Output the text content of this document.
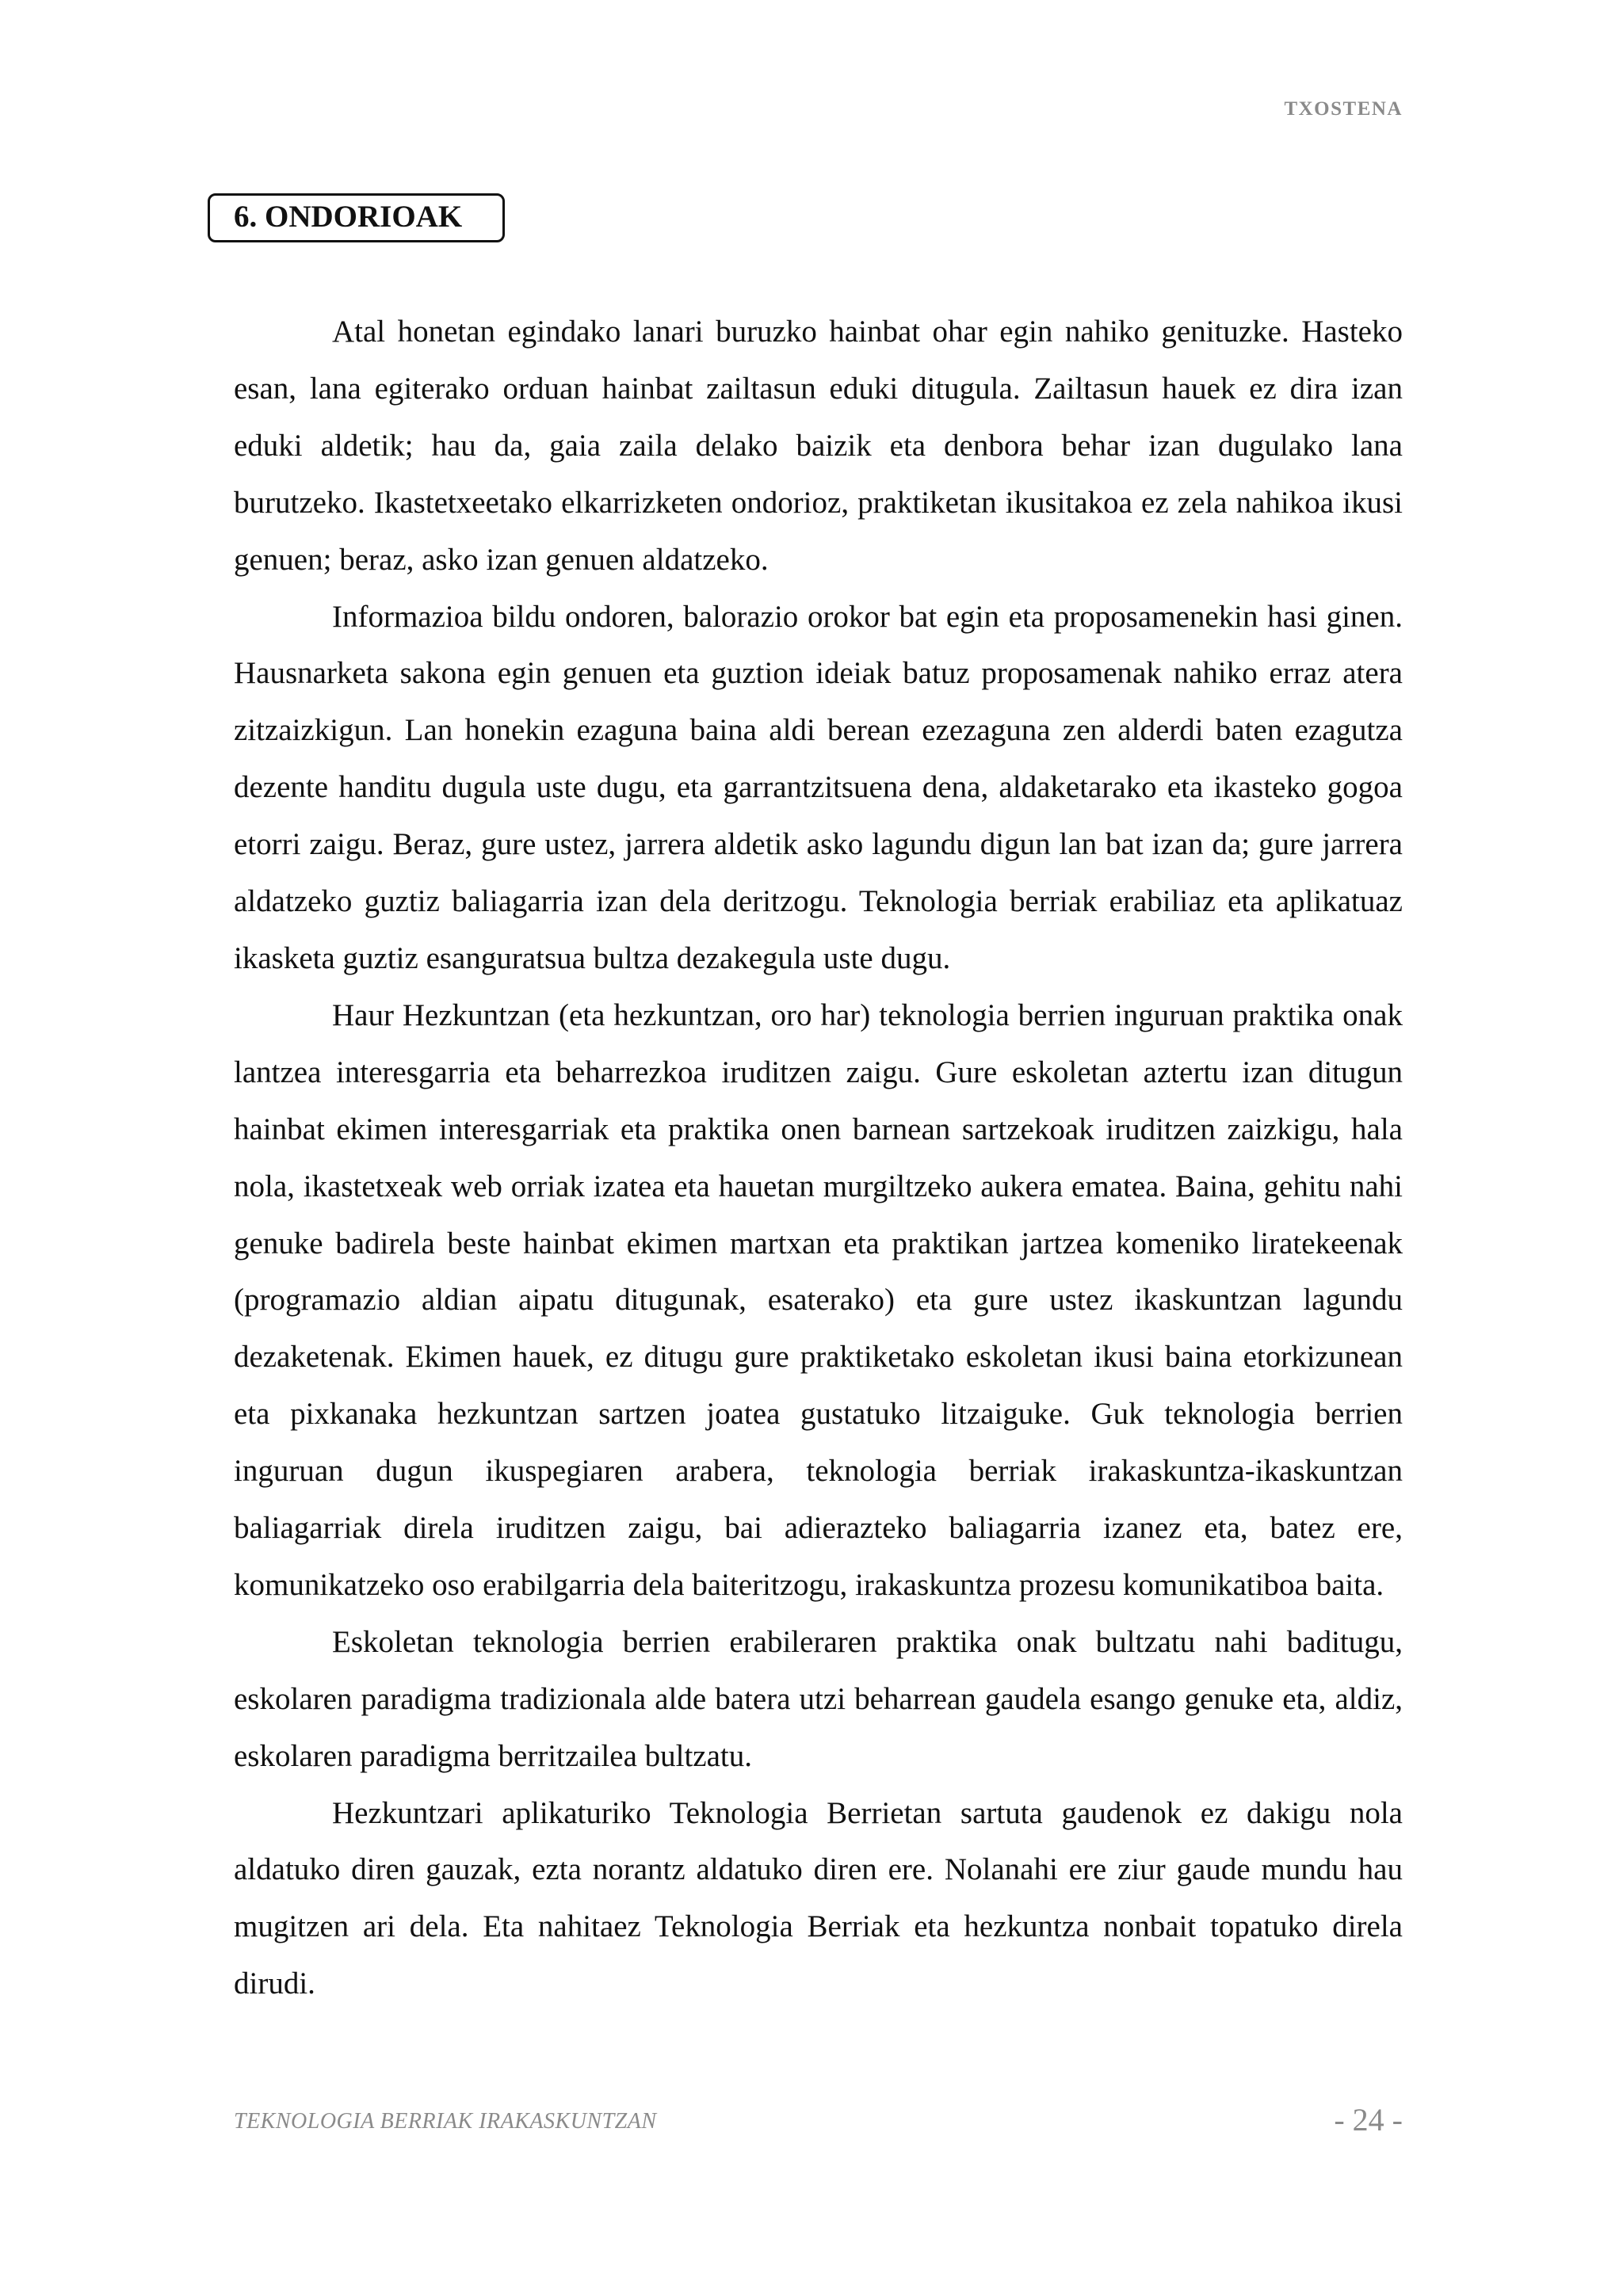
TXOSTENA
6. ONDORIOAK

Atal honetan egindako lanari buruzko hainbat ohar egin nahiko genituzke. Hasteko esan, lana egiterako orduan hainbat zailtasun eduki ditugula. Zailtasun hauek ez dira izan eduki aldetik; hau da, gaia zaila delako baizik eta denbora behar izan dugulako lana burutzeko. Ikastetxeetako elkarrizketen ondorioz, praktiketan ikusitakoa ez zela nahikoa ikusi genuen; beraz, asko izan genuen aldatzeko.

Informazioa bildu ondoren, balorazio orokor bat egin eta proposamenekin hasi ginen. Hausnarketa sakona egin genuen eta guztion ideiak batuz proposamenak nahiko erraz atera zitzaizkigun. Lan honekin ezaguna baina aldi berean ezezaguna zen alderdi baten ezagutza dezente handitu dugula uste dugu, eta garrantzitsuena dena, aldaketarako eta ikasteko gogoa etorri zaigu. Beraz, gure ustez, jarrera aldetik asko lagundu digun lan bat izan da; gure jarrera aldatzeko guztiz baliagarria izan dela deritzogu. Teknologia berriak erabiliaz eta aplikatuaz ikasketa guztiz esanguratsua bultza dezakegula uste dugu.

Haur Hezkuntzan (eta hezkuntzan, oro har) teknologia berrien inguruan praktika onak lantzea interesgarria eta beharrezkoa iruditzen zaigu. Gure eskoletan aztertu izan ditugun hainbat ekimen interesgarriak eta praktika onen barnean sartzekoak iruditzen zaizkigu, hala nola, ikastetxeak web orriak izatea eta hauetan murgiltzeko aukera ematea. Baina, gehitu nahi genuke badirela beste hainbat ekimen martxan eta praktikan jartzea komeniko liratekeenak (programazio aldian aipatu ditugunak, esaterako) eta gure ustez ikaskuntzan lagundu dezaketenak. Ekimen hauek, ez ditugu gure praktiketako eskoletan ikusi baina etorkizunean eta pixkanaka hezkuntzan sartzen joatea gustatuko litzaiguke. Guk teknologia berrien inguruan dugun ikuspegiaren arabera, teknologia berriak irakaskuntza-ikaskuntzan baliagarriak direla iruditzen zaigu, bai adierazteko baliagarria izanez eta, batez ere, komunikatzeko oso erabilgarria dela baiteritzogu, irakaskuntza prozesu komunikatiboa baita.

Eskoletan teknologia berrien erabileraren praktika onak bultzatu nahi baditugu, eskolaren paradigma tradizionala alde batera utzi beharrean gaudela esango genuke eta, aldiz, eskolaren paradigma berritzailea bultzatu.

Hezkuntzari aplikaturiko Teknologia Berrietan sartuta gaudenok ez dakigu nola aldatuko diren gauzak, ezta norantz aldatuko diren ere. Nolanahi ere ziur gaude mundu hau mugitzen ari dela. Eta nahitaez Teknologia Berriak eta hezkuntza nonbait topatuko direla dirudi.

TEKNOLOGIA BERRIAK IRAKASKUNTZAN	- 24 -
